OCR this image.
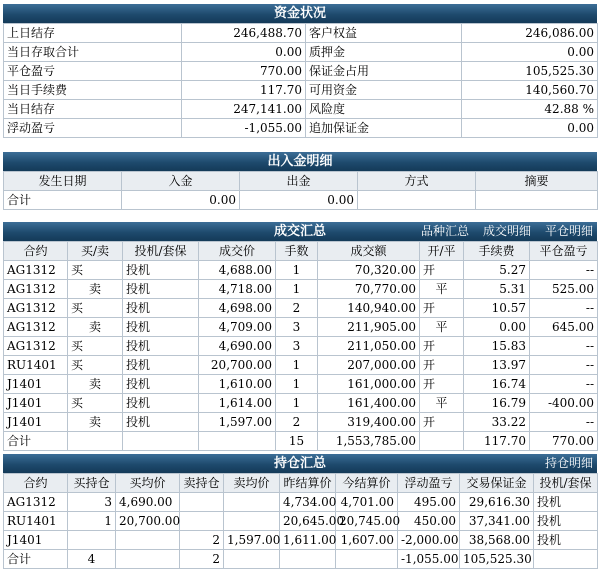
资金状况
上日结存	246,488.70	客户权益	246,086.00
当日存取合计	0.00	质押金	0.00
平仓盈亏	770.00	保证金占用	105,525.30
当日手续费	117.70	可用资金	140,560.70
当日结存	247,141.00	风险度	42.88 %
浮动盈亏	-1,055.00	追加保证金	0.00
出入金明细
发生日期	入金	出金	方式	摘要
合计	0.00	0.00		
成交汇总	品种汇总 成交明细 平仓明细
合约	买/卖	投机/套保	成交价	手数	成交额	开/平	手续费	平仓盈亏
AG1312	买	投机	4,688.00	1	70,320.00	开	5.27	--
AG1312	卖	投机	4,718.00	1	70,770.00	平	5.31	525.00
AG1312	买	投机	4,698.00	2	140,940.00	开	10.57	--
AG1312	卖	投机	4,709.00	3	211,905.00	平	0.00	645.00
AG1312	买	投机	4,690.00	3	211,050.00	开	15.83	--
RU1401	买	投机	20,700.00	1	207,000.00	开	13.97	--
J1401	卖	投机	1,610.00	1	161,000.00	开	16.74	--
J1401	买	投机	1,614.00	1	161,400.00	平	16.79	-400.00
J1401	卖	投机	1,597.00	2	319,400.00	开	33.22	--
合计				15	1,553,785.00		117.70	770.00
持仓汇总	持仓明细
合约	买持仓	买均价	卖持仓	卖均价	昨结算价	今结算价	浮动盈亏	交易保证金	投机/套保
AG1312	3	4,690.00			4,734.00	4,701.00	495.00	29,616.30	投机
RU1401	1	20,700.00			20,645.00	20,745.00	450.00	37,341.00	投机
J1401			2	1,597.00	1,611.00	1,607.00	-2,000.00	38,568.00	投机
合计	4		2				-1,055.00	105,525.30	
